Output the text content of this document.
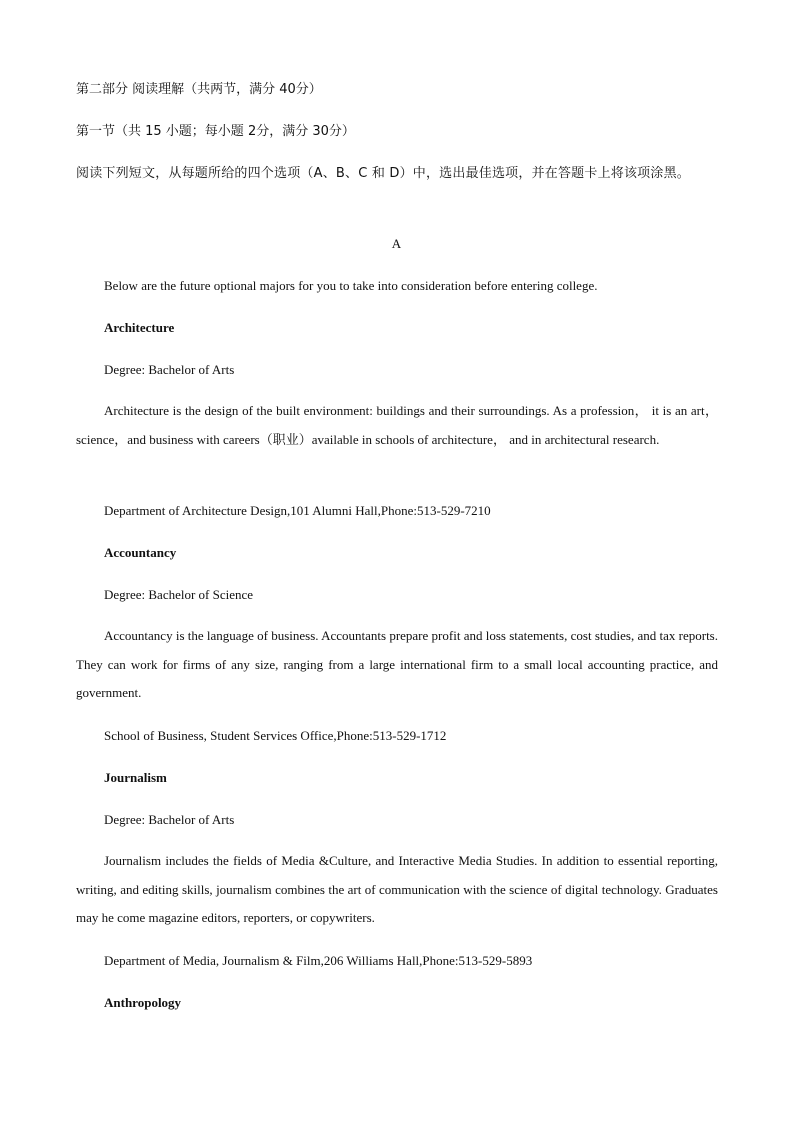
第二部分 阅读理解（共两节，满分 40分）
第一节（共 15 小题；每小题 2分，满分 30分）
阅读下列短文，从每题所给的四个选项（A、B、C 和 D）中，选出最佳选项，并在答题卡上将该项涂黑。
A
Below are the future optional majors for you to take into consideration before entering college.
Architecture
Degree: Bachelor of Arts
Architecture is the design of the built environment: buildings and their surroundings. As a profession， it is an art， science，and business with careers（职业）available in schools of architecture， and in architectural research.
Department of Architecture Design,101 Alumni Hall,Phone:513-529-7210
Accountancy
Degree: Bachelor of Science
Accountancy is the language of business. Accountants prepare profit and loss statements, cost studies, and tax reports. They can work for firms of any size, ranging from a large international firm to a small local accounting practice, and government.
School of Business, Student Services Office,Phone:513-529-1712
Journalism
Degree: Bachelor of Arts
Journalism includes the fields of Media &Culture, and Interactive Media Studies. In addition to essential reporting, writing, and editing skills, journalism combines the art of communication with the science of digital technology. Graduates may he come magazine editors, reporters, or copywriters.
Department of Media, Journalism & Film,206 Williams Hall,Phone:513-529-5893
Anthropology
